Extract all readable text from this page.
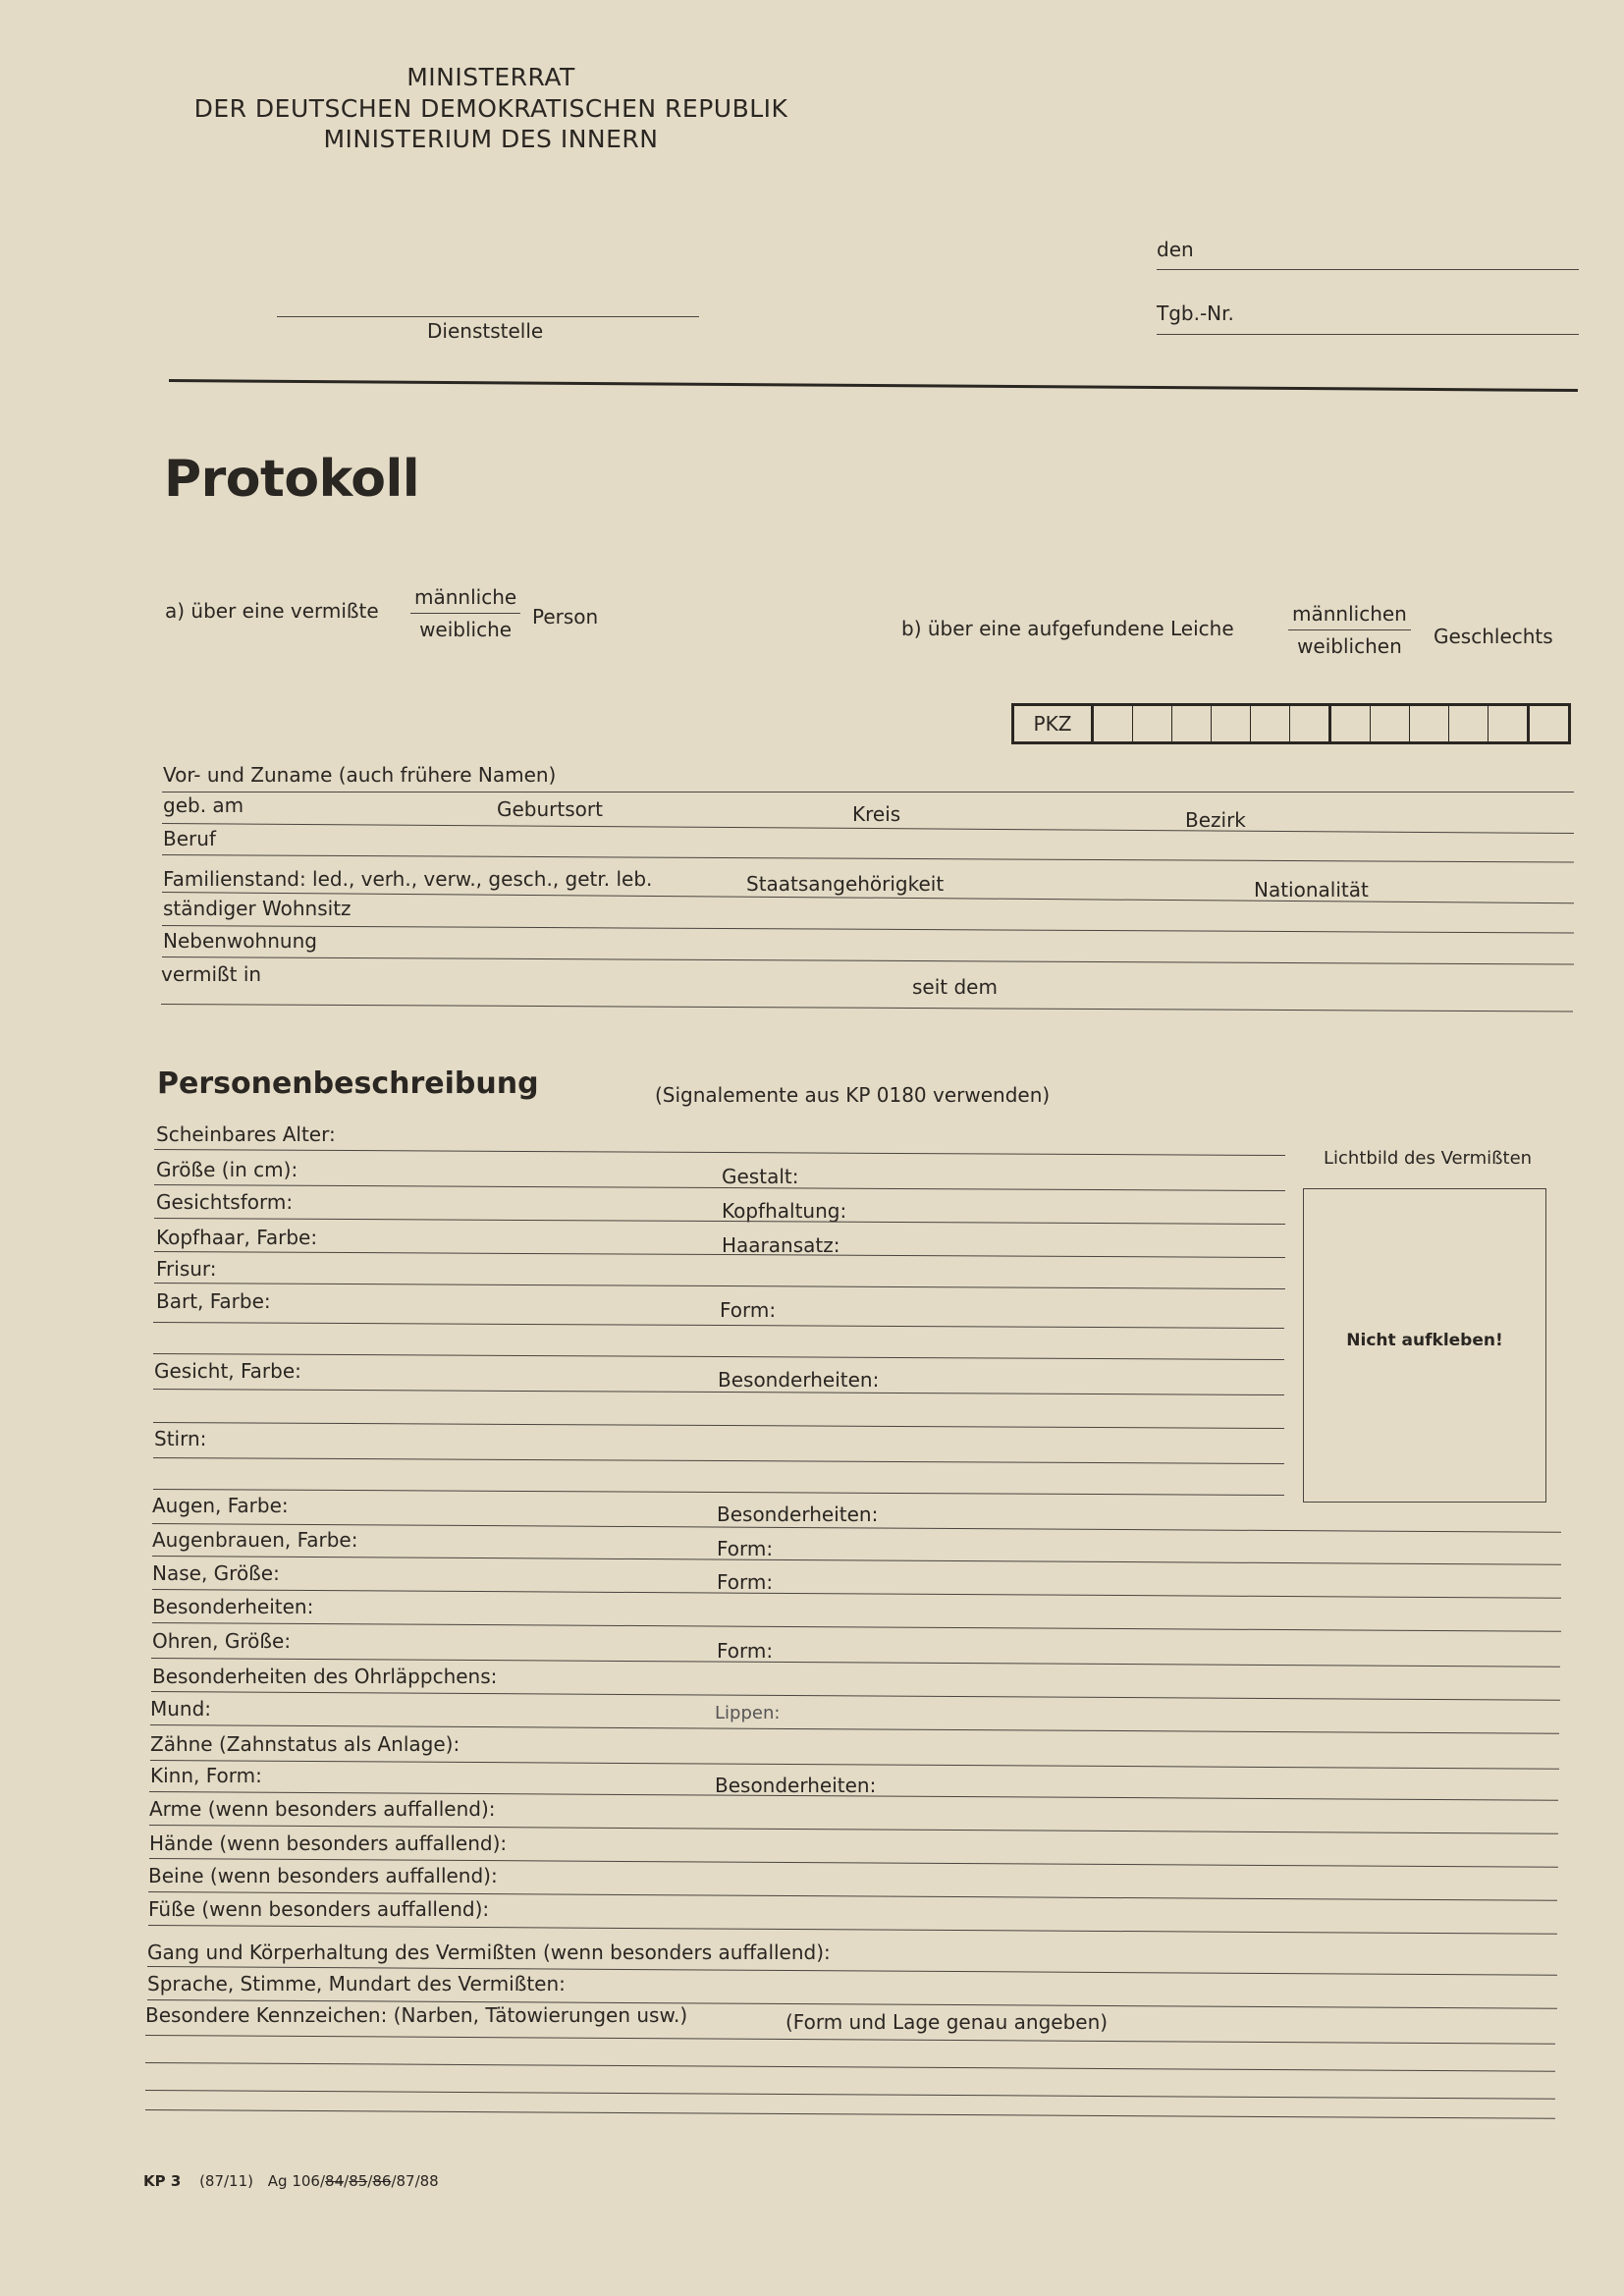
MINISTERRAT
DER DEUTSCHEN DEMOKRATISCHEN REPUBLIK
MINISTERIUM DES INNERN
Dienststelle
den
Tgb.-Nr.
Protokoll
a) über eine vermißte
männliche
weibliche
Person	b) über eine aufgefundene Leiche
männlichen
weiblichen	Geschlechts
PKZ
Vor- und Zuname (auch frühere Namen)
geb. am	Geburtsort	Kreis	Bezirk
Beruf
Familienstand: led., verh., verw., gesch., getr. leb.	Staatsangehörigkeit	Nationalität
ständiger Wohnsitz
Nebenwohnung
vermißt in
seit dem
Personenbeschreibung	(Signalemente aus KP 0180 verwenden)
Lichtbild des Vermißten
Nicht aufkleben!
Scheinbares Alter:
Größe (in cm):	Gestalt:
Gesichtsform:	Kopfhaltung:
Kopfhaar, Farbe:	Haaransatz:
Frisur:
Bart, Farbe:	Form:
Gesicht, Farbe:	Besonderheiten:
Stirn:
Augen, Farbe:	Besonderheiten:
Augenbrauen, Farbe:	Form:
Nase, Größe:	Form:
Besonderheiten:
Ohren, Größe:	Form:
Besonderheiten des Ohrläppchens:
Mund:	Lippen:
Zähne (Zahnstatus als Anlage):
Kinn, Form:	Besonderheiten:
Arme (wenn besonders auffallend):
Hände (wenn besonders auffallend):
Beine (wenn besonders auffallend):
Füße (wenn besonders auffallend):
Gang und Körperhaltung des Vermißten (wenn besonders auffallend):
Sprache, Stimme, Mundart des Vermißten:
Besondere Kennzeichen: (Narben, Tätowierungen usw.)	(Form und Lage genau angeben)
KP 3 (87/11) Ag 106/84/85/86/87/88
